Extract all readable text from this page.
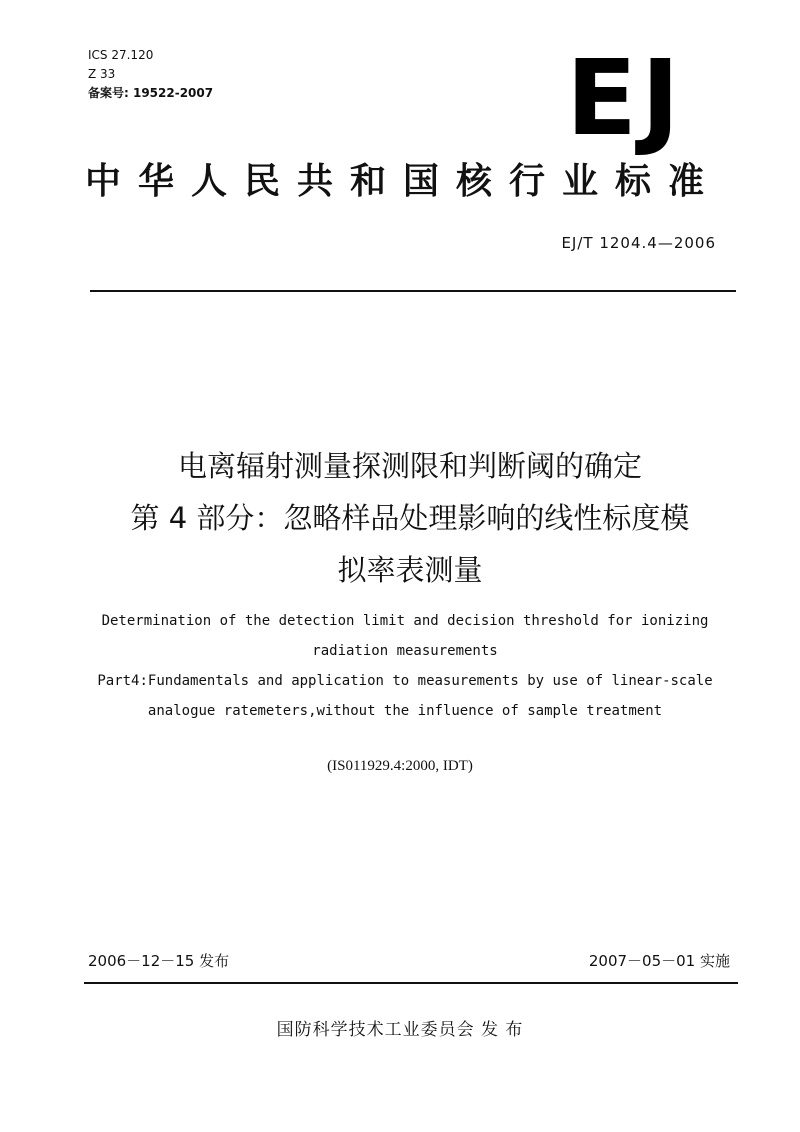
ICS 27.120
Z 33
备案号: 19522-2007	EJ
中华人民共和国核行业标准
EJ/T 1204.4—2006
电离辐射测量探测限和判断阈的确定
第 4 部分：忽略样品处理影响的线性标度模
拟率表测量
Determination of the detection limit and decision threshold for ionizing
radiation measurements
Part4:Fundamentals and application to measurements by use of linear-scale
analogue ratemeters,without the influence of sample treatment
(IS011929.4:2000, IDT)
2006－12－15 发布	2007－05－01 实施
国防科学技术工业委员会 发 布
